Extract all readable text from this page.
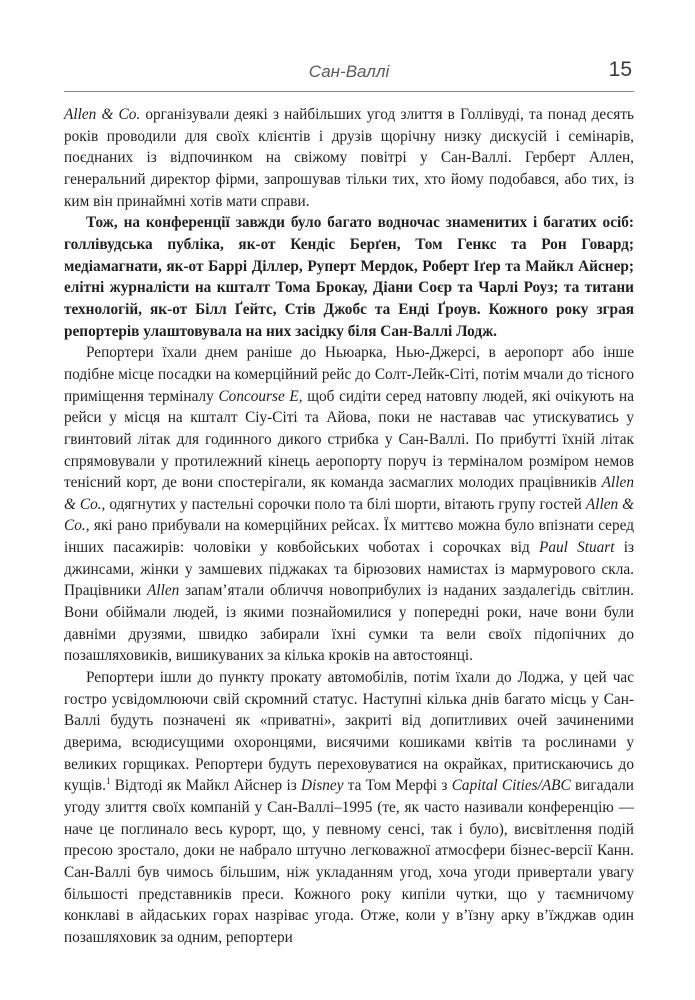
Сан-Валлі	15

Allen & Co. організували деякі з найбільших угод злиття в Голлівуді, та понад десять років проводили для своїх клієнтів і друзів щорічну низку дискусій і семінарів, поєднаних із відпочинком на свіжому повітрі у Сан-Валлі. Герберт Аллен, генеральний директор фірми, запрошував тільки тих, хто йому подобався, або тих, із ким він принаймні хотів мати справи.

Тож, на конференції завжди було багато водночас знаменитих і багатих осіб: голлівудська публіка, як-от Кендіс Берґен, Том Генкс та Рон Говард; медіамагнати, як-от Баррі Діллер, Руперт Мердок, Роберт Іґер та Майкл Айснер; елітні журналісти на кшталт Тома Брокау, Діани Соєр та Чарлі Роуз; та титани технологій, як-от Білл Ґейтс, Стів Джобс та Енді Ґроув. Кожного року зграя репортерів улаштовувала на них засідку біля Сан-Валлі Лодж.

Репортери їхали днем раніше до Ньюарка, Нью-Джерсі, в аеропорт або інше подібне місце посадки на комерційний рейс до Солт-Лейк-Сіті, потім мчали до тісного приміщення терміналу Concourse E, щоб сидіти серед натовпу людей, які очікують на рейси у місця на кшталт Сіу-Сіті та Айова, поки не наставав час утискуватись у гвинтовий літак для годинного дикого стрибка у Сан-Валлі. По прибутті їхній літак спрямовували у протилежний кінець аеропорту поруч із терміналом розміром немов тенісний корт, де вони спостерігали, як команда засмаглих молодих працівників Allen & Co., одягнутих у пастельні сорочки поло та білі шорти, вітають групу гостей Allen & Co., які рано прибували на комерційних рейсах. Їх миттєво можна було впізнати серед інших пасажирів: чоловіки у ковбойських чоботах і сорочках від Paul Stuart із джинсами, жінки у замшевих піджаках та бірюзових намистах із мармурового скла. Працівники Allen запам’ятали обличчя новоприбулих із наданих заздалегідь світлин. Вони обіймали людей, із якими познайомилися у попередні роки, наче вони були давніми друзями, швидко забирали їхні сумки та вели своїх підопічних до позашляховиків, вишикуваних за кілька кроків на автостоянці.

Репортери ішли до пункту прокату автомобілів, потім їхали до Лоджа, у цей час гостро усвідомлюючи свій скромний статус. Наступні кілька днів багато місць у Сан-Валлі будуть позначені як «приватні», закриті від допитливих очей зачиненими дверима, всюдисущими охоронцями, висячими кошиками квітів та рослинами у великих горщиках. Репортери будуть переховуватися на окрайках, притискаючись до кущів.$^1$ Відтоді як Майкл Айснер із Disney та Том Мерфі з Capital Cities/ABC вигадали угоду злиття своїх компаній у Сан-Валлі–1995 (те, як часто називали конференцію — наче це поглинало весь курорт, що, у певному сенсі, так і було), висвітлення подій пресою зростало, доки не набрало штучно легковажної атмосфери бізнес-версії Канн. Сан-Валлі був чимось більшим, ніж укладанням угод, хоча угоди привертали увагу більшості представників преси. Кожного року кипіли чутки, що у таємничому конклаві в айдаських горах назріває угода. Отже, коли у в’їзну арку в’їжджав один позашляховик за одним, репортери
